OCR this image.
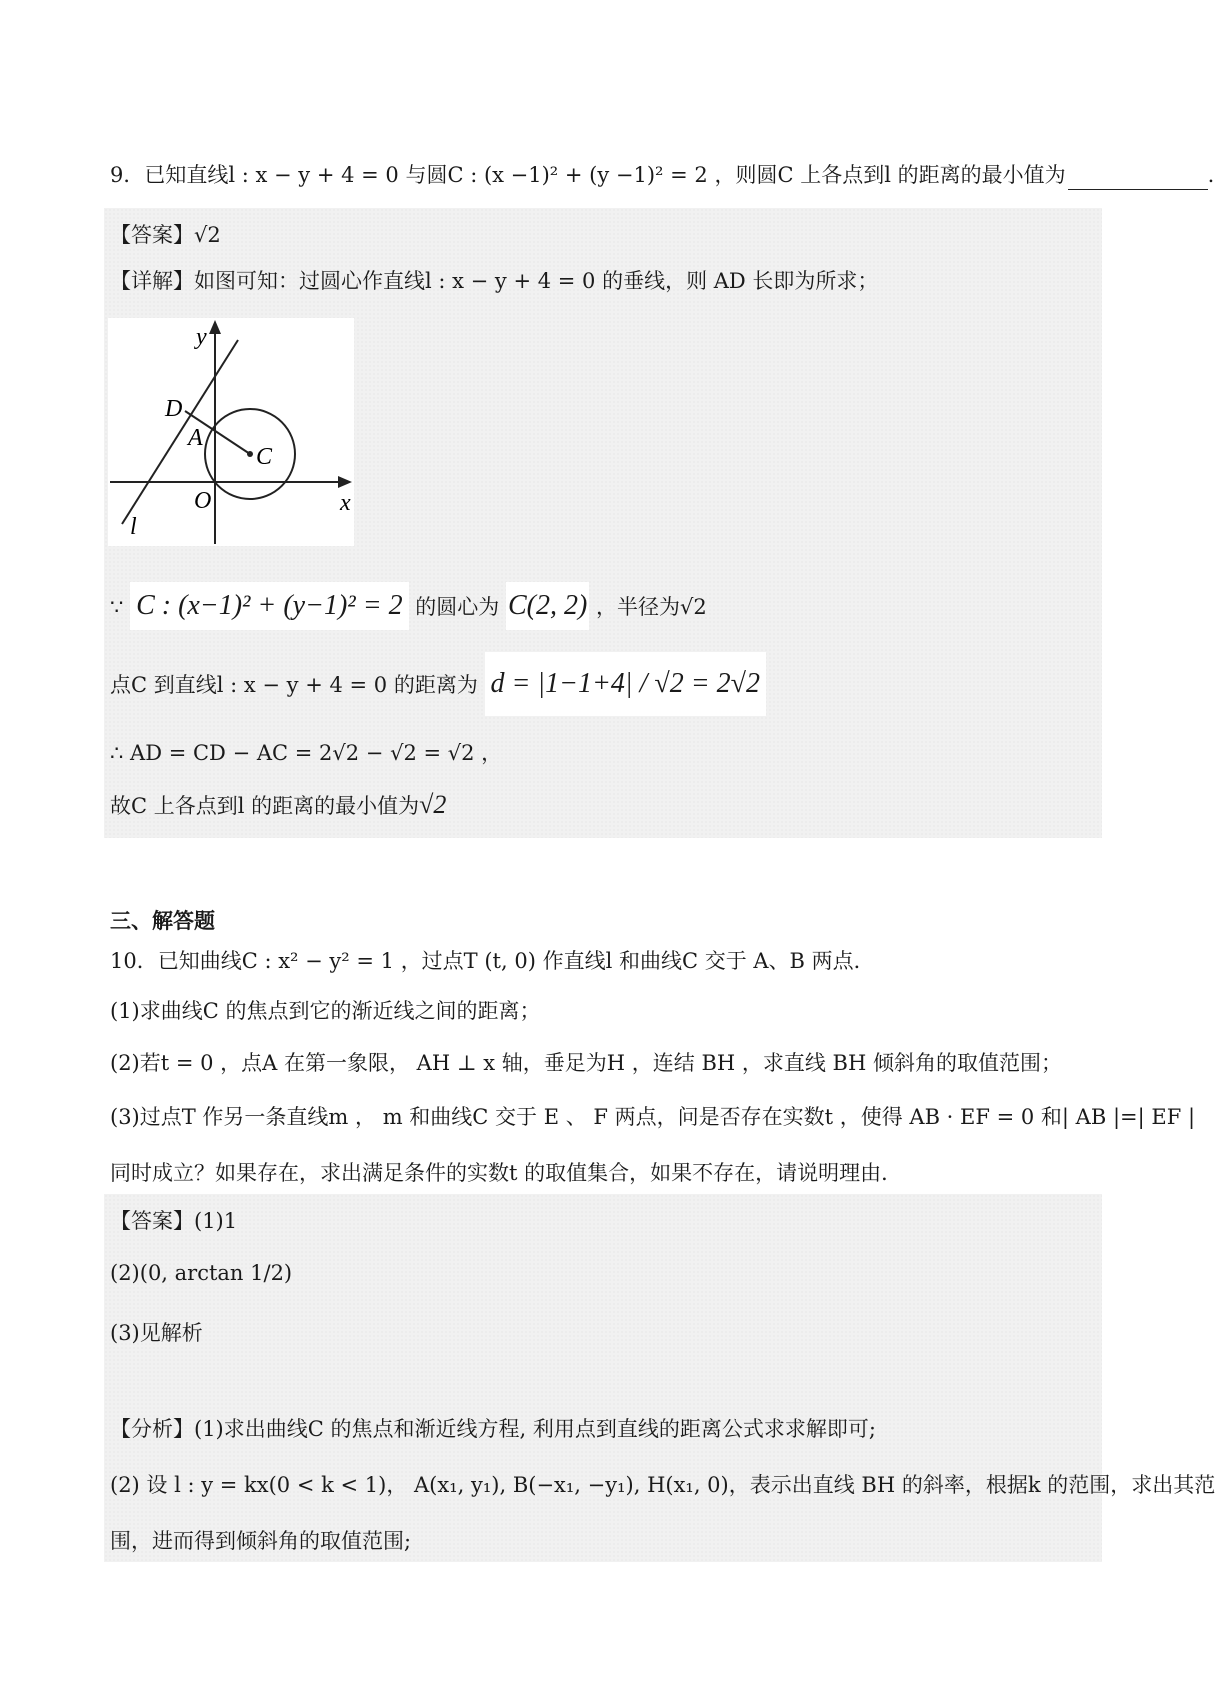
9．已知直线l : x − y + 4 = 0 与圆C : (x −1)² + (y −1)² = 2 ，则圆C 上各点到l 的距离的最小值为	.
【答案】√2
【详解】如图可知：过圆心作直线l : x − y + 4 = 0 的垂线，则 AD 长即为所求；
y
x
D
A
C
O
l
∵ C : (x−1)² + (y−1)² = 2 的圆心为 C(2, 2) ，半径为√2
点C 到直线l : x − y + 4 = 0 的距离为 d = |1−1+4| / √2 = 2√2
∴ AD = CD − AC = 2√2 − √2 = √2 ，
故C 上各点到l 的距离的最小值为√2
三、解答题
10．已知曲线C : x² − y² = 1 ，过点T (t, 0) 作直线l 和曲线C 交于 A、B 两点．
(1)求曲线C 的焦点到它的渐近线之间的距离；
(2)若t = 0 ，点A 在第一象限， AH ⊥ x 轴，垂足为H ，连结 BH ，求直线 BH 倾斜角的取值范围；
(3)过点T 作另一条直线m ， m 和曲线C 交于 E 、 F 两点，问是否存在实数t ，使得 AB · EF = 0 和| AB |=| EF |
同时成立？如果存在，求出满足条件的实数t 的取值集合，如果不存在，请说明理由．
【答案】(1)1
(2)(0, arctan 1/2)
(3)见解析
【分析】(1)求出曲线C 的焦点和渐近线方程, 利用点到直线的距离公式求求解即可;
(2) 设 l : y = kx(0 < k < 1)， A(x₁, y₁), B(−x₁, −y₁), H(x₁, 0)，表示出直线 BH 的斜率，根据k 的范围，求出其范
围，进而得到倾斜角的取值范围;
